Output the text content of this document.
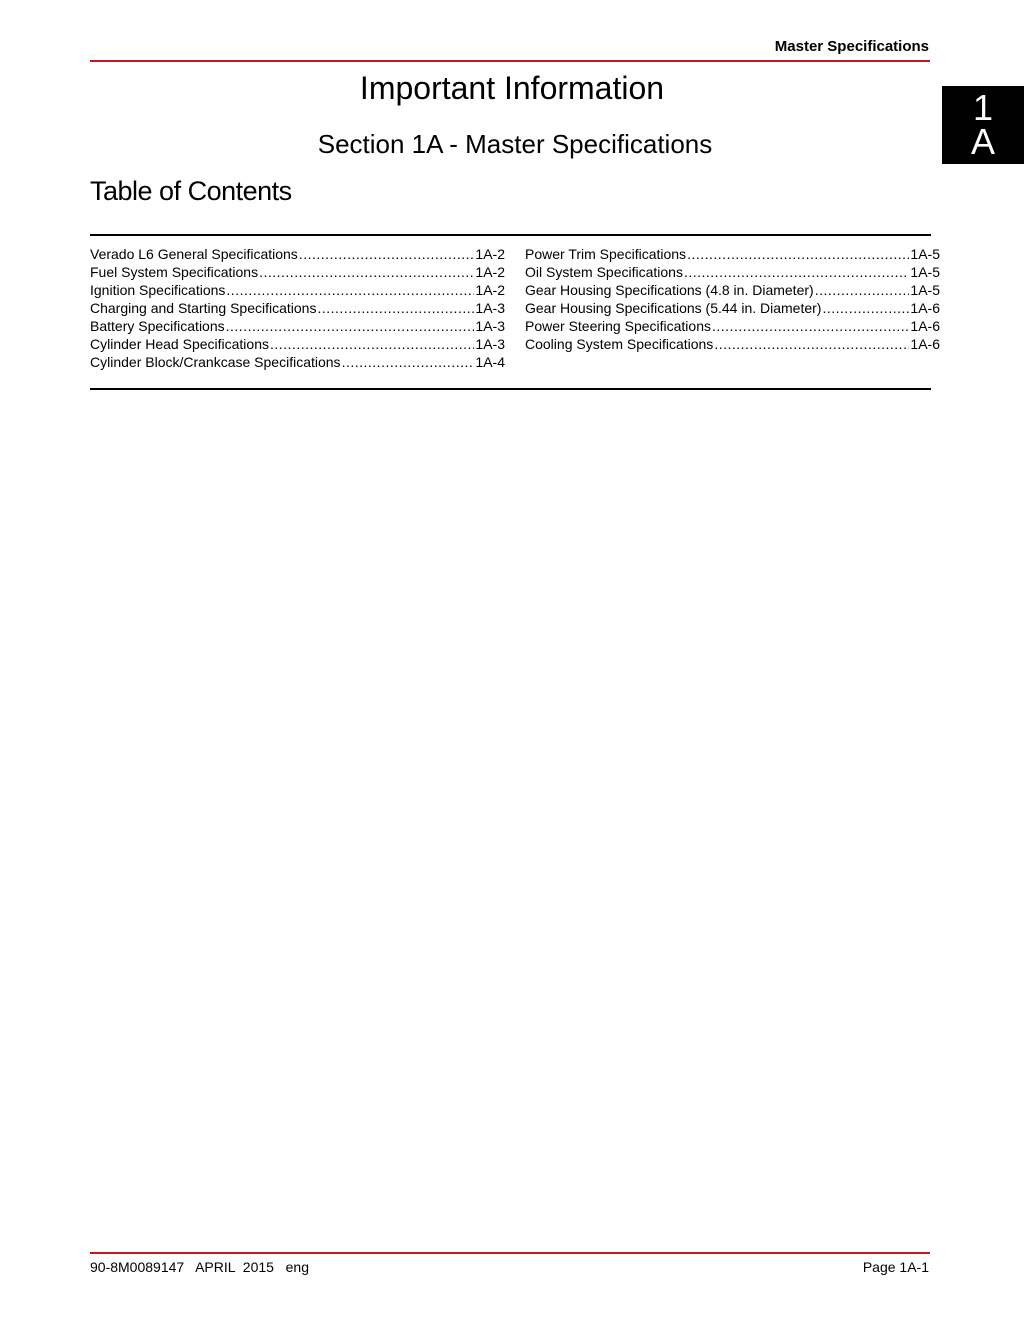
Master Specifications
1
A
Important Information
Section 1A - Master Specifications
Table of Contents
Verado L6 General Specifications .....	1A-2
Fuel System Specifications .....	1A-2
Ignition Specifications .....	1A-2
Charging and Starting Specifications .....	1A-3
Battery Specifications .....	1A-3
Cylinder Head Specifications .....	1A-3
Cylinder Block/Crankcase Specifications .....	1A-4
Power Trim Specifications .....	1A-5
Oil System Specifications .....	1A-5
Gear Housing Specifications (4.8 in. Diameter) .....	1A-5
Gear Housing Specifications (5.44 in. Diameter) .....	1A-6
Power Steering Specifications .....	1A-6
Cooling System Specifications .....	1A-6
90-8M0089147   APRIL  2015   eng	Page 1A-1
